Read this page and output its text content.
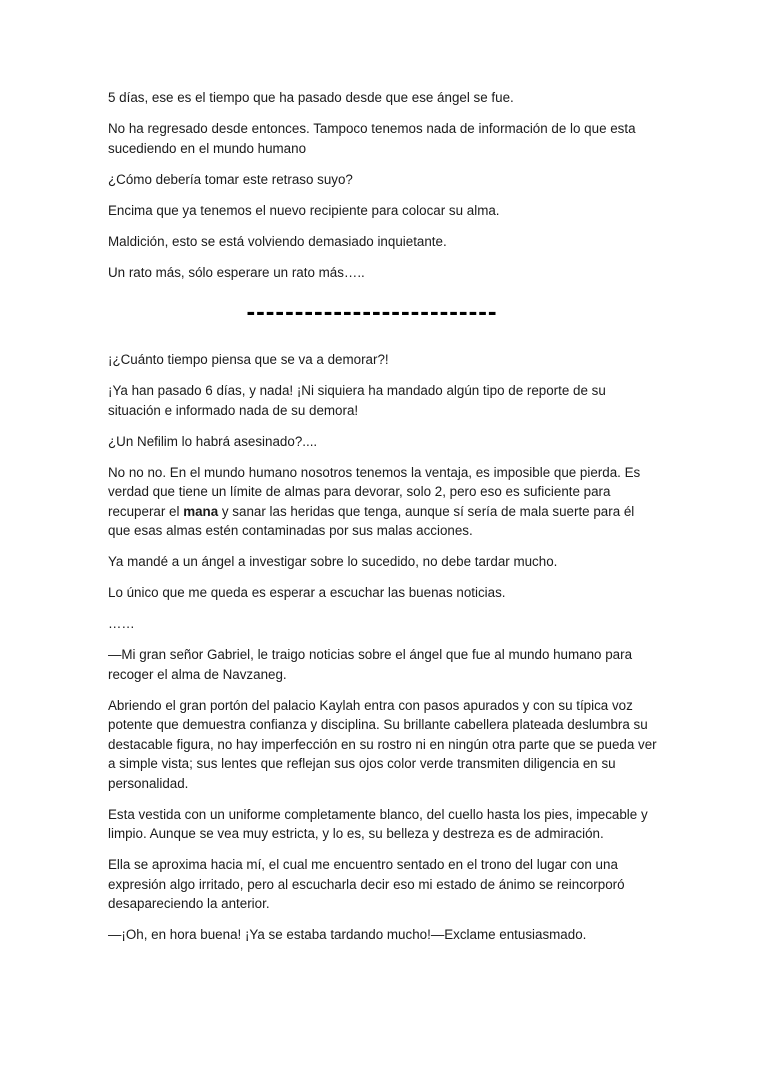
5 días, ese es el tiempo que ha pasado desde que ese ángel se fue.

No ha regresado desde entonces. Tampoco tenemos nada de información de lo que esta sucediendo en el mundo humano

¿Cómo debería tomar este retraso suyo?

Encima que ya tenemos el nuevo recipiente para colocar su alma.

Maldición, esto se está volviendo demasiado inquietante.

Un rato más, sólo esperare un rato más…..

--------------------------

¡¿Cuánto tiempo piensa que se va a demorar?!

¡Ya han pasado 6 días, y nada! ¡Ni siquiera ha mandado algún tipo de reporte de su situación e informado nada de su demora!

¿Un Nefilim lo habrá asesinado?....

No no no. En el mundo humano nosotros tenemos la ventaja, es imposible que pierda. Es verdad que tiene un límite de almas para devorar, solo 2, pero eso es suficiente para recuperar el mana y sanar las heridas que tenga, aunque sí sería de mala suerte para él que esas almas estén contaminadas por sus malas acciones.

Ya mandé a un ángel a investigar sobre lo sucedido, no debe tardar mucho.

Lo único que me queda es esperar a escuchar las buenas noticias.

……

—Mi gran señor Gabriel, le traigo noticias sobre el ángel que fue al mundo humano para recoger el alma de Navzaneg.

Abriendo el gran portón del palacio Kaylah entra con pasos apurados y con su típica voz potente que demuestra confianza y disciplina. Su brillante cabellera plateada deslumbra su destacable figura, no hay imperfección en su rostro ni en ningún otra parte que se pueda ver a simple vista; sus lentes que reflejan sus ojos color verde transmiten diligencia en su personalidad.

Esta vestida con un uniforme completamente blanco, del cuello hasta los pies, impecable y limpio. Aunque se vea muy estricta, y lo es, su belleza y destreza es de admiración.

Ella se aproxima hacia mí, el cual me encuentro sentado en el trono del lugar con una expresión algo irritado, pero al escucharla decir eso mi estado de ánimo se reincorporó desapareciendo la anterior.

—¡Oh, en hora buena! ¡Ya se estaba tardando mucho!—Exclame entusiasmado.
